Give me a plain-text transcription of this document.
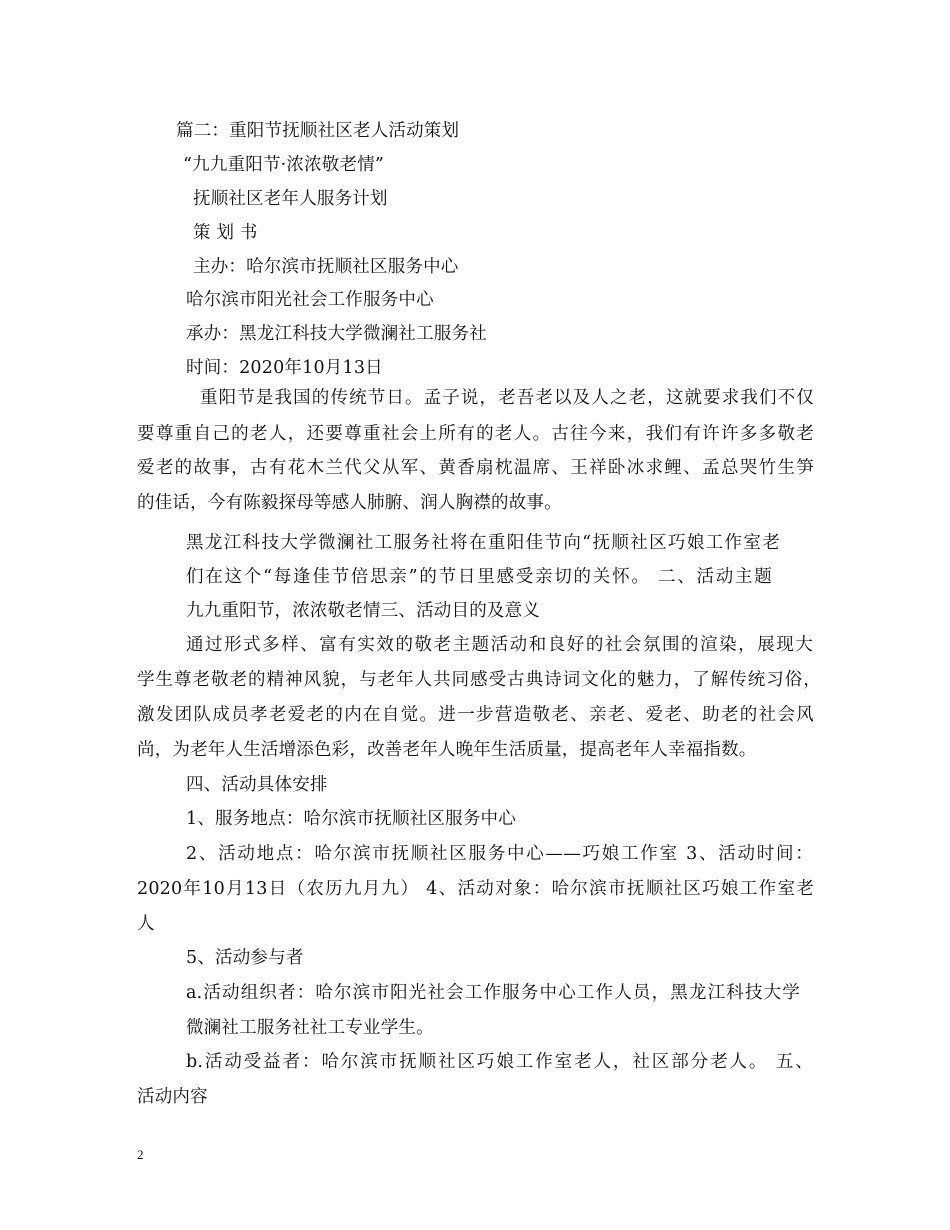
篇二：重阳节抚顺社区老人活动策划
“九九重阳节·浓浓敬老情”
抚顺社区老年人服务计划
策 划 书
主办：哈尔滨市抚顺社区服务中心
哈尔滨市阳光社会工作服务中心
承办：黑龙江科技大学微澜社工服务社
时间：2020年10月13日
重阳节是我国的传统节日。孟子说，老吾老以及人之老，这就要求我们不仅
要尊重自己的老人，还要尊重社会上所有的老人。古往今来，我们有许许多多敬老
爱老的故事，古有花木兰代父从军、黄香扇枕温席、王祥卧冰求鲤、孟总哭竹生笋
的佳话，今有陈毅探母等感人肺腑、润人胸襟的故事。
黑龙江科技大学微澜社工服务社将在重阳佳节向“抚顺社区巧娘工作室老
们在这个“每逢佳节倍思亲”的节日里感受亲切的关怀。 二、活动主题
九九重阳节，浓浓敬老情三、活动目的及意义
通过形式多样、富有实效的敬老主题活动和良好的社会氛围的渲染，展现大
学生尊老敬老的精神风貌，与老年人共同感受古典诗词文化的魅力，了解传统习俗，
激发团队成员孝老爱老的内在自觉。进一步营造敬老、亲老、爱老、助老的社会风
尚，为老年人生活增添色彩，改善老年人晚年生活质量，提高老年人幸福指数。
四、活动具体安排
1、服务地点：哈尔滨市抚顺社区服务中心
2、活动地点：哈尔滨市抚顺社区服务中心——巧娘工作室 3、活动时间：
2020年10月13日（农历九月九） 4、活动对象：哈尔滨市抚顺社区巧娘工作室老
人
5、活动参与者
a.活动组织者：哈尔滨市阳光社会工作服务中心工作人员，黑龙江科技大学
微澜社工服务社社工专业学生。
b.活动受益者：哈尔滨市抚顺社区巧娘工作室老人，社区部分老人。 五、
活动内容
2
